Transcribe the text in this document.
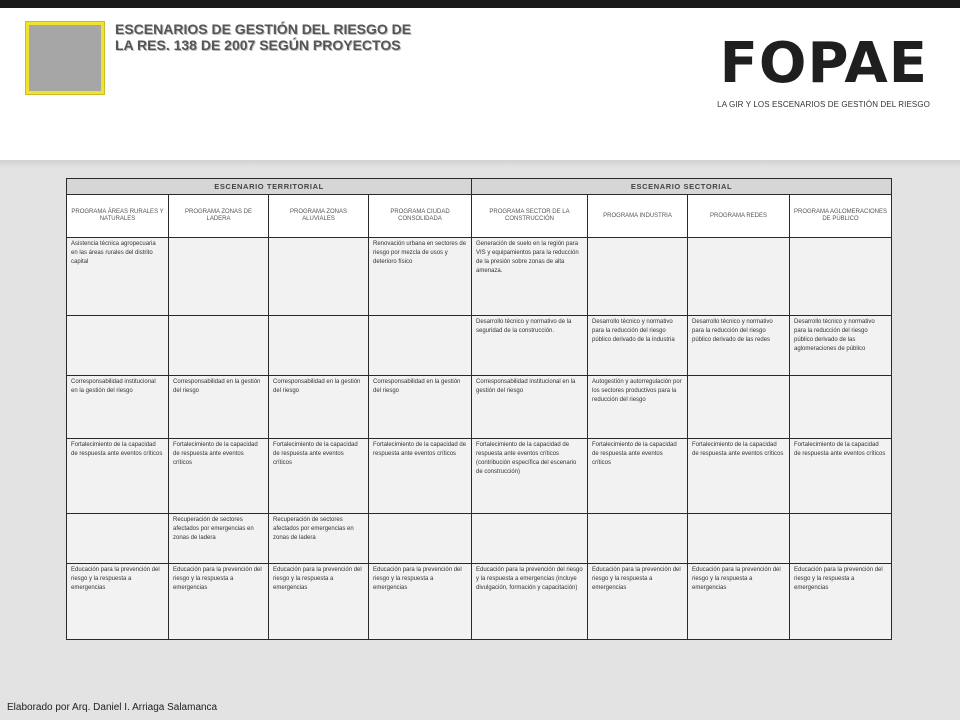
ESCENARIOS DE GESTIÓN DEL RIESGO DE
LA RES. 138 DE 2007 SEGÚN PROYECTOS	FOPAE
LA GIR Y LOS ESCENARIOS DE GESTIÓN DEL RIESGO
ESCENARIO TERRITORIAL				ESCENARIO SECTORIAL			
PROGRAMA ÁREAS RURALES Y NATURALES	PROGRAMA ZONAS DE LADERA	PROGRAMA ZONAS ALUVIALES	PROGRAMA CIUDAD CONSOLIDADA	PROGRAMA SECTOR DE LA CONSTRUCCIÓN	PROGRAMA INDUSTRIA	PROGRAMA REDES	PROGRAMA AGLOMERACIONES DE PÚBLICO
Asistencia técnica agropecuaria en las áreas rurales del distrito capital			Renovación urbana en sectores de riesgo por mezcla de usos y deterioro físico	Generación de suelo en la región para VIS y equipamientos para la reducción de la presión sobre zonas de alta amenaza.			
				Desarrollo técnico y normativo de la seguridad de la construcción.	Desarrollo técnico y normativo para la reducción del riesgo público derivado de la industria	Desarrollo técnico y normativo para la reducción del riesgo público derivado de las redes	Desarrollo técnico y normativo para la reducción del riesgo público derivado de las aglomeraciones de público
Corresponsabilidad institucional en la gestión del riesgo	Corresponsabilidad en la gestión del riesgo	Corresponsabilidad en la gestión del riesgo	Corresponsabilidad en la gestión del riesgo	Corresponsabilidad institucional en la gestión del riesgo	Autogestión y autorregulación por los sectores productivos para la reducción del riesgo		
Fortalecimiento de la capacidad de respuesta ante eventos críticos	Fortalecimiento de la capacidad de respuesta ante eventos críticos	Fortalecimiento de la capacidad de respuesta ante eventos críticos	Fortalecimiento de la capacidad de respuesta ante eventos críticos	Fortalecimiento de la capacidad de respuesta ante eventos críticos (contribución específica del escenario de construcción)	Fortalecimiento de la capacidad de respuesta ante eventos críticos	Fortalecimiento de la capacidad de respuesta ante eventos críticos	Fortalecimiento de la capacidad de respuesta ante eventos críticos
	Recuperación de sectores afectados por emergencias en zonas de ladera	Recuperación de sectores afectados por emergencias en zonas de ladera					
Educación para la prevención del riesgo y la respuesta a emergencias	Educación para la prevención del riesgo y la respuesta a emergencias	Educación para la prevención del riesgo y la respuesta a emergencias	Educación para la prevención del riesgo y la respuesta a emergencias	Educación para la prevención del riesgo y la respuesta a emergencias (incluye divulgación, formación y capacitación)	Educación para la prevención del riesgo y la respuesta a emergencias	Educación para la prevención del riesgo y la respuesta a emergencias	Educación para la prevención del riesgo y la respuesta a emergencias
Elaborado por Arq. Daniel I. Arriaga Salamanca
